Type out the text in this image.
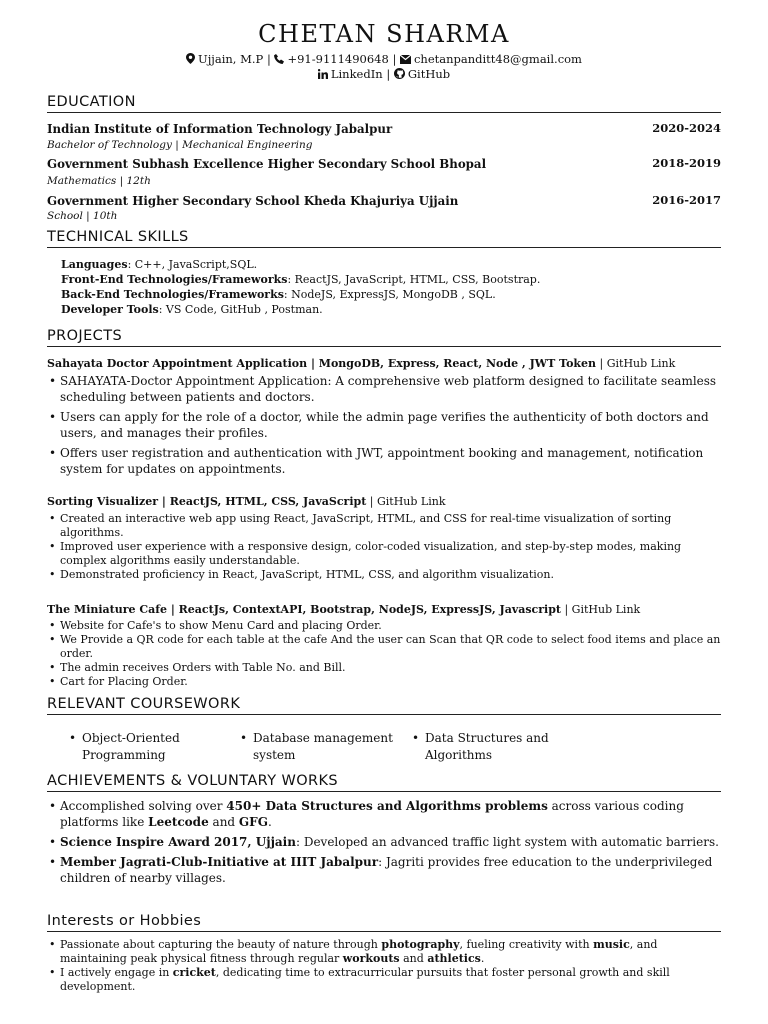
CHETAN SHARMA
Ujjain, M.P | +91-9111490648 | chetanpanditt48@gmail.com
LinkedIn | GitHub
EDUCATION
Indian Institute of Information Technology Jabalpur	2020-2024
Bachelor of Technology | Mechanical Engineering
Government Subhash Excellence Higher Secondary School Bhopal	2018-2019
Mathematics | 12th
Government Higher Secondary School Kheda Khajuriya Ujjain	2016-2017
School | 10th
TECHNICAL SKILLS
Languages: C++, JavaScript,SQL.
Front-End Technologies/Frameworks: ReactJS, JavaScript, HTML, CSS, Bootstrap.
Back-End Technologies/Frameworks: NodeJS, ExpressJS, MongoDB , SQL.
Developer Tools: VS Code, GitHub , Postman.
PROJECTS
Sahayata Doctor Appointment Application | MongoDB, Express, React, Node , JWT Token | GitHub Link
• SAHAYATA-Doctor Appointment Application: A comprehensive web platform designed to facilitate seamless scheduling between patients and doctors.
• Users can apply for the role of a doctor, while the admin page verifies the authenticity of both doctors and users, and manages their profiles.
• Offers user registration and authentication with JWT, appointment booking and management, notification system for updates on appointments.
Sorting Visualizer | ReactJS, HTML, CSS, JavaScript | GitHub Link
• Created an interactive web app using React, JavaScript, HTML, and CSS for real-time visualization of sorting algorithms.
• Improved user experience with a responsive design, color-coded visualization, and step-by-step modes, making complex algorithms easily understandable.
• Demonstrated proficiency in React, JavaScript, HTML, CSS, and algorithm visualization.
The Miniature Cafe | ReactJs, ContextAPI, Bootstrap, NodeJS, ExpressJS, Javascript | GitHub Link
• Website for Cafe's to show Menu Card and placing Order.
• We Provide a QR code for each table at the cafe And the user can Scan that QR code to select food items and place an order.
• The admin receives Orders with Table No. and Bill.
• Cart for Placing Order.
RELEVANT COURSEWORK
• Object-Oriented Programming
• Database management system
• Data Structures and Algorithms
ACHIEVEMENTS & VOLUNTARY WORKS
• Accomplished solving over 450+ Data Structures and Algorithms problems across various coding platforms like Leetcode and GFG.
• Science Inspire Award 2017, Ujjain: Developed an advanced traffic light system with automatic barriers.
• Member Jagrati-Club-Initiative at IIIT Jabalpur: Jagriti provides free education to the underprivileged children of nearby villages.
Interests or Hobbies
• Passionate about capturing the beauty of nature through photography, fueling creativity with music, and maintaining peak physical fitness through regular workouts and athletics.
• I actively engage in cricket, dedicating time to extracurricular pursuits that foster personal growth and skill development.
